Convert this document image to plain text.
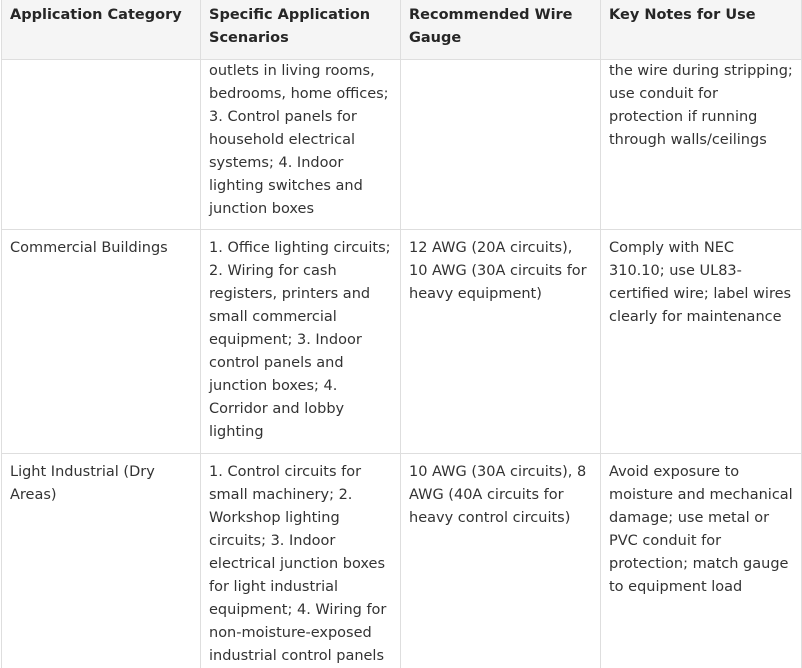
Application Category	Specific Application Scenarios	Recommended Wire Gauge	Key Notes for Use

	outlets in living rooms, bedrooms, home offices; 3. Control panels for household electrical systems; 4. Indoor lighting switches and junction boxes		the wire during stripping; use conduit for protection if running through walls/ceilings

Commercial Buildings	1. Office lighting circuits; 2. Wiring for cash registers, printers and small commercial equipment; 3. Indoor control panels and junction boxes; 4. Corridor and lobby lighting	12 AWG (20A circuits), 10 AWG (30A circuits for heavy equipment)	Comply with NEC 310.10; use UL83-certified wire; label wires clearly for maintenance

Light Industrial (Dry Areas)	1. Control circuits for small machinery; 2. Workshop lighting circuits; 3. Indoor electrical junction boxes for light industrial equipment; 4. Wiring for non-moisture-exposed industrial control panels	10 AWG (30A circuits), 8 AWG (40A circuits for heavy control circuits)	Avoid exposure to moisture and mechanical damage; use metal or PVC conduit for protection; match gauge to equipment load
